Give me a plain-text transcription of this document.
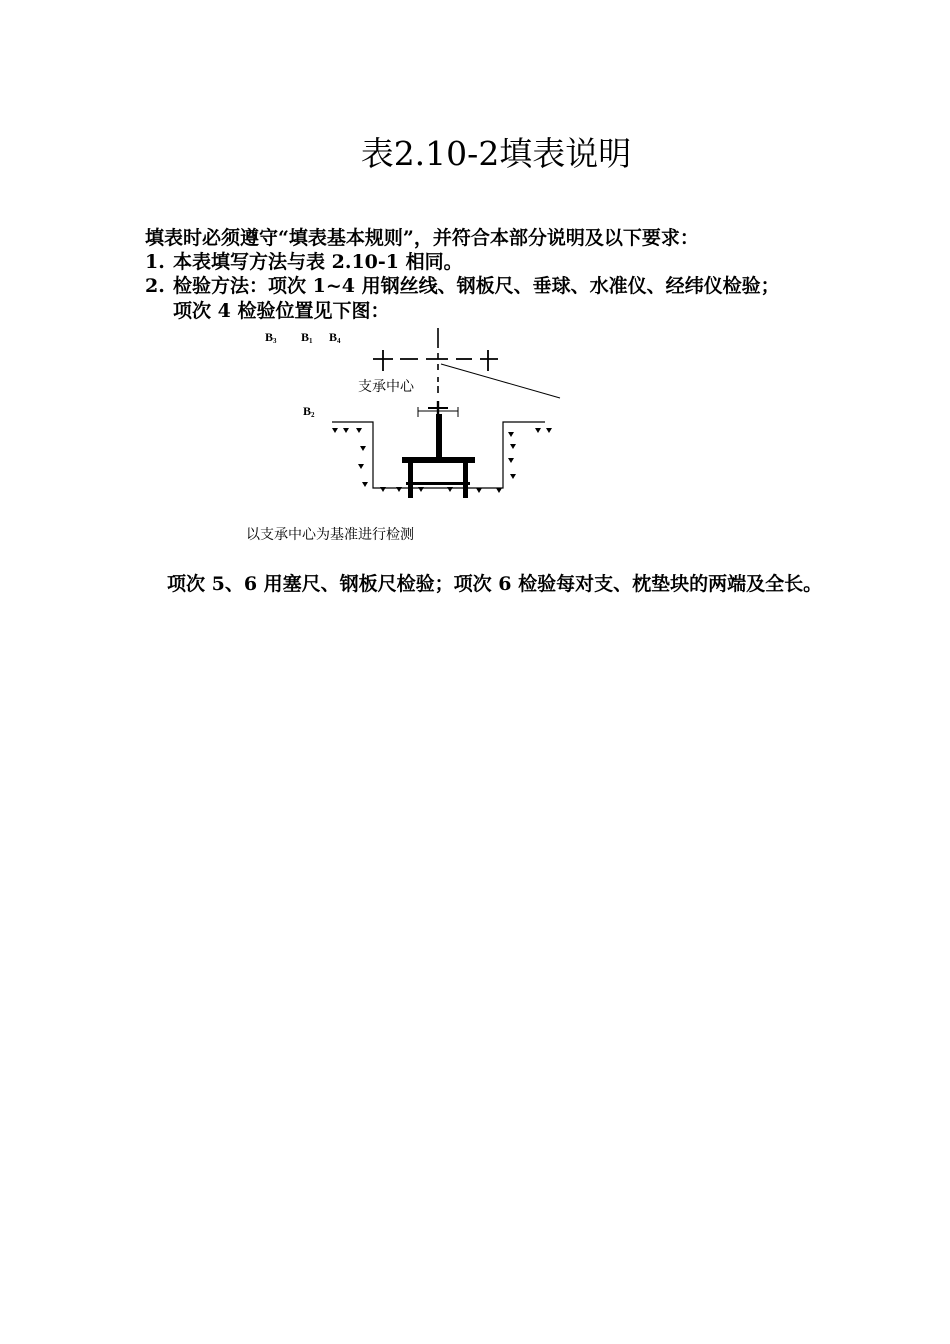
表2.10-2填表说明
填表时必须遵守“填表基本规则”，并符合本部分说明及以下要求：
1. 本表填写方法与表 2.10-1 相同。
2. 检验方法：项次 1~4 用钢丝线、钢板尺、垂球、水准仪、经纬仪检验；
项次 4 检验位置见下图：
B3 B1 B4
B2
支承中心
以支承中心为基准进行检测
项次 5、6 用塞尺、钢板尺检验；项次 6 检验每对支、枕垫块的两端及全长。
